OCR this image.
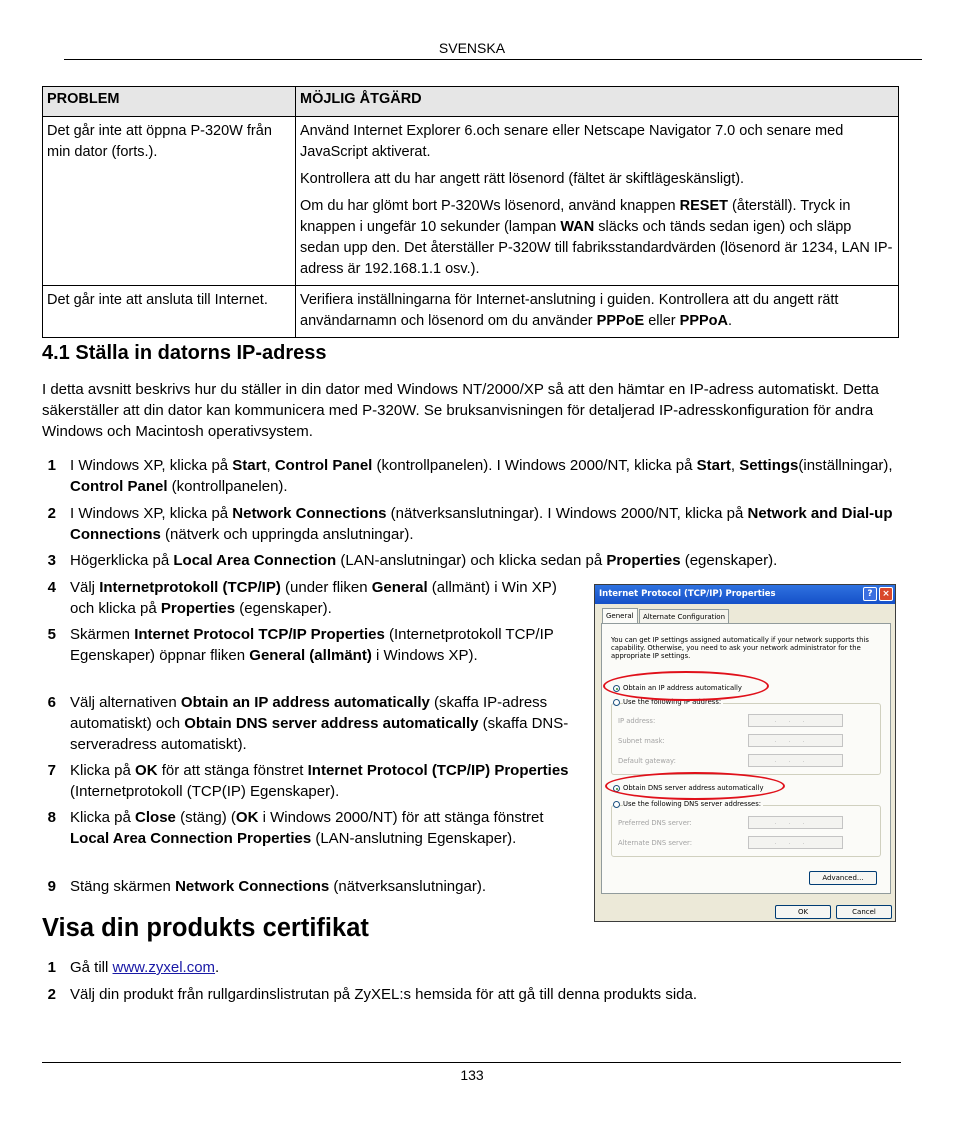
SVENSKA
PROBLEM	MÖJLIG ÅTGÄRD
Det går inte att öppna P-320W från min dator (forts.).	Använd Internet Explorer 6.och senare eller Netscape Navigator 7.0 och senare med JavaScript aktiverat.

Kontrollera att du har angett rätt lösenord (fältet är skiftlägeskänsligt).

Om du har glömt bort P-320Ws lösenord, använd knappen RESET (återställ). Tryck in knappen i ungefär 10 sekunder (lampan WAN släcks och tänds sedan igen) och släpp sedan upp den. Det återställer P-320W till fabriksstandardvärden (lösenord är 1234, LAN IP-adress är 192.168.1.1 osv.).

Det går inte att ansluta till Internet.	Verifiera inställningarna för Internet-anslutning i guiden. Kontrollera att du angett rätt användarnamn och lösenord om du använder PPPoE eller PPPoA.
4.1 Ställa in datorns IP-adress

I detta avsnitt beskrivs hur du ställer in din dator med Windows NT/2000/XP så att den hämtar en IP-adress automatiskt. Detta säkerställer att din dator kan kommunicera med P-320W. Se bruksanvisningen för detaljerad IP-adresskonfiguration för andra Windows och Macintosh operativsystem.

1 I Windows XP, klicka på Start, Control Panel (kontrollpanelen). I Windows 2000/NT, klicka på Start, Settings(inställningar), Control Panel (kontrollpanelen).
2 I Windows XP, klicka på Network Connections (nätverksanslutningar). I Windows 2000/NT, klicka på Network and Dial-up Connections (nätverk och uppringda anslutningar).
3 Högerklicka på Local Area Connection (LAN-anslutningar) och klicka sedan på Properties (egenskaper).
4 Välj Internetprotokoll (TCP/IP) (under fliken General (allmänt) i Win XP) och klicka på Properties (egenskaper).
5 Skärmen Internet Protocol TCP/IP Properties (Internetprotokoll TCP/IP Egenskaper) öppnar fliken General (allmänt) i Windows XP).
6 Välj alternativen Obtain an IP address automatically (skaffa IP-adress automatiskt) och Obtain DNS server address automatically (skaffa DNS-serveradress automatiskt).
7 Klicka på OK för att stänga fönstret Internet Protocol (TCP/IP) Properties (Internetprotokoll (TCP(IP) Egenskaper).
8 Klicka på Close (stäng) (OK i Windows 2000/NT) för att stänga fönstret Local Area Connection Properties (LAN-anslutning Egenskaper).
9 Stäng skärmen Network Connections (nätverksanslutningar).
Internet Protocol (TCP/IP) Properties	?	×
General	Alternate Configuration
You can get IP settings assigned automatically if your network supports this capability. Otherwise, you need to ask your network administrator for the appropriate IP settings.
Obtain an IP address automatically
Use the following IP address:
IP address:	...
Subnet mask:	...
Default gateway:	...
Obtain DNS server address automatically
Use the following DNS server addresses:
Preferred DNS server:	...
Alternate DNS server:	...
Advanced...
OK	Cancel
Visa din produkts certifikat
1 Gå till www.zyxel.com.
2 Välj din produkt från rullgardinslistrutan på ZyXEL:s hemsida för att gå till denna produkts sida.
133
